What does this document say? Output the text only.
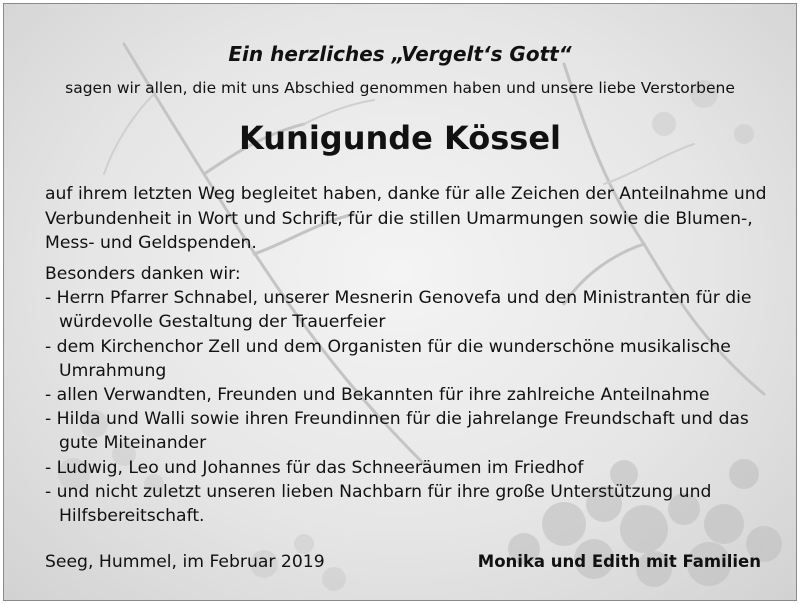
Ein herzliches „Vergelt‘s Gott“
sagen wir allen, die mit uns Abschied genommen haben und unsere liebe Verstorbene
Kunigunde Kössel
auf ihrem letzten Weg begleitet haben, danke für alle Zeichen der Anteilnahme und
Verbundenheit in Wort und Schrift, für die stillen Umarmungen sowie die Blumen-,
Mess- und Geldspenden.
Besonders danken wir:
- Herrn Pfarrer Schnabel, unserer Mesnerin Genovefa und den Ministranten für die
würdevolle Gestaltung der Trauerfeier
- dem Kirchenchor Zell und dem Organisten für die wunderschöne musikalische
Umrahmung
- allen Verwandten, Freunden und Bekannten für ihre zahlreiche Anteilnahme
- Hilda und Walli sowie ihren Freundinnen für die jahrelange Freundschaft und das
gute Miteinander
- Ludwig, Leo und Johannes für das Schneeräumen im Friedhof
- und nicht zuletzt unseren lieben Nachbarn für ihre große Unterstützung und
Hilfsbereitschaft.
Seeg, Hummel, im Februar 2019	Monika und Edith mit Familien
